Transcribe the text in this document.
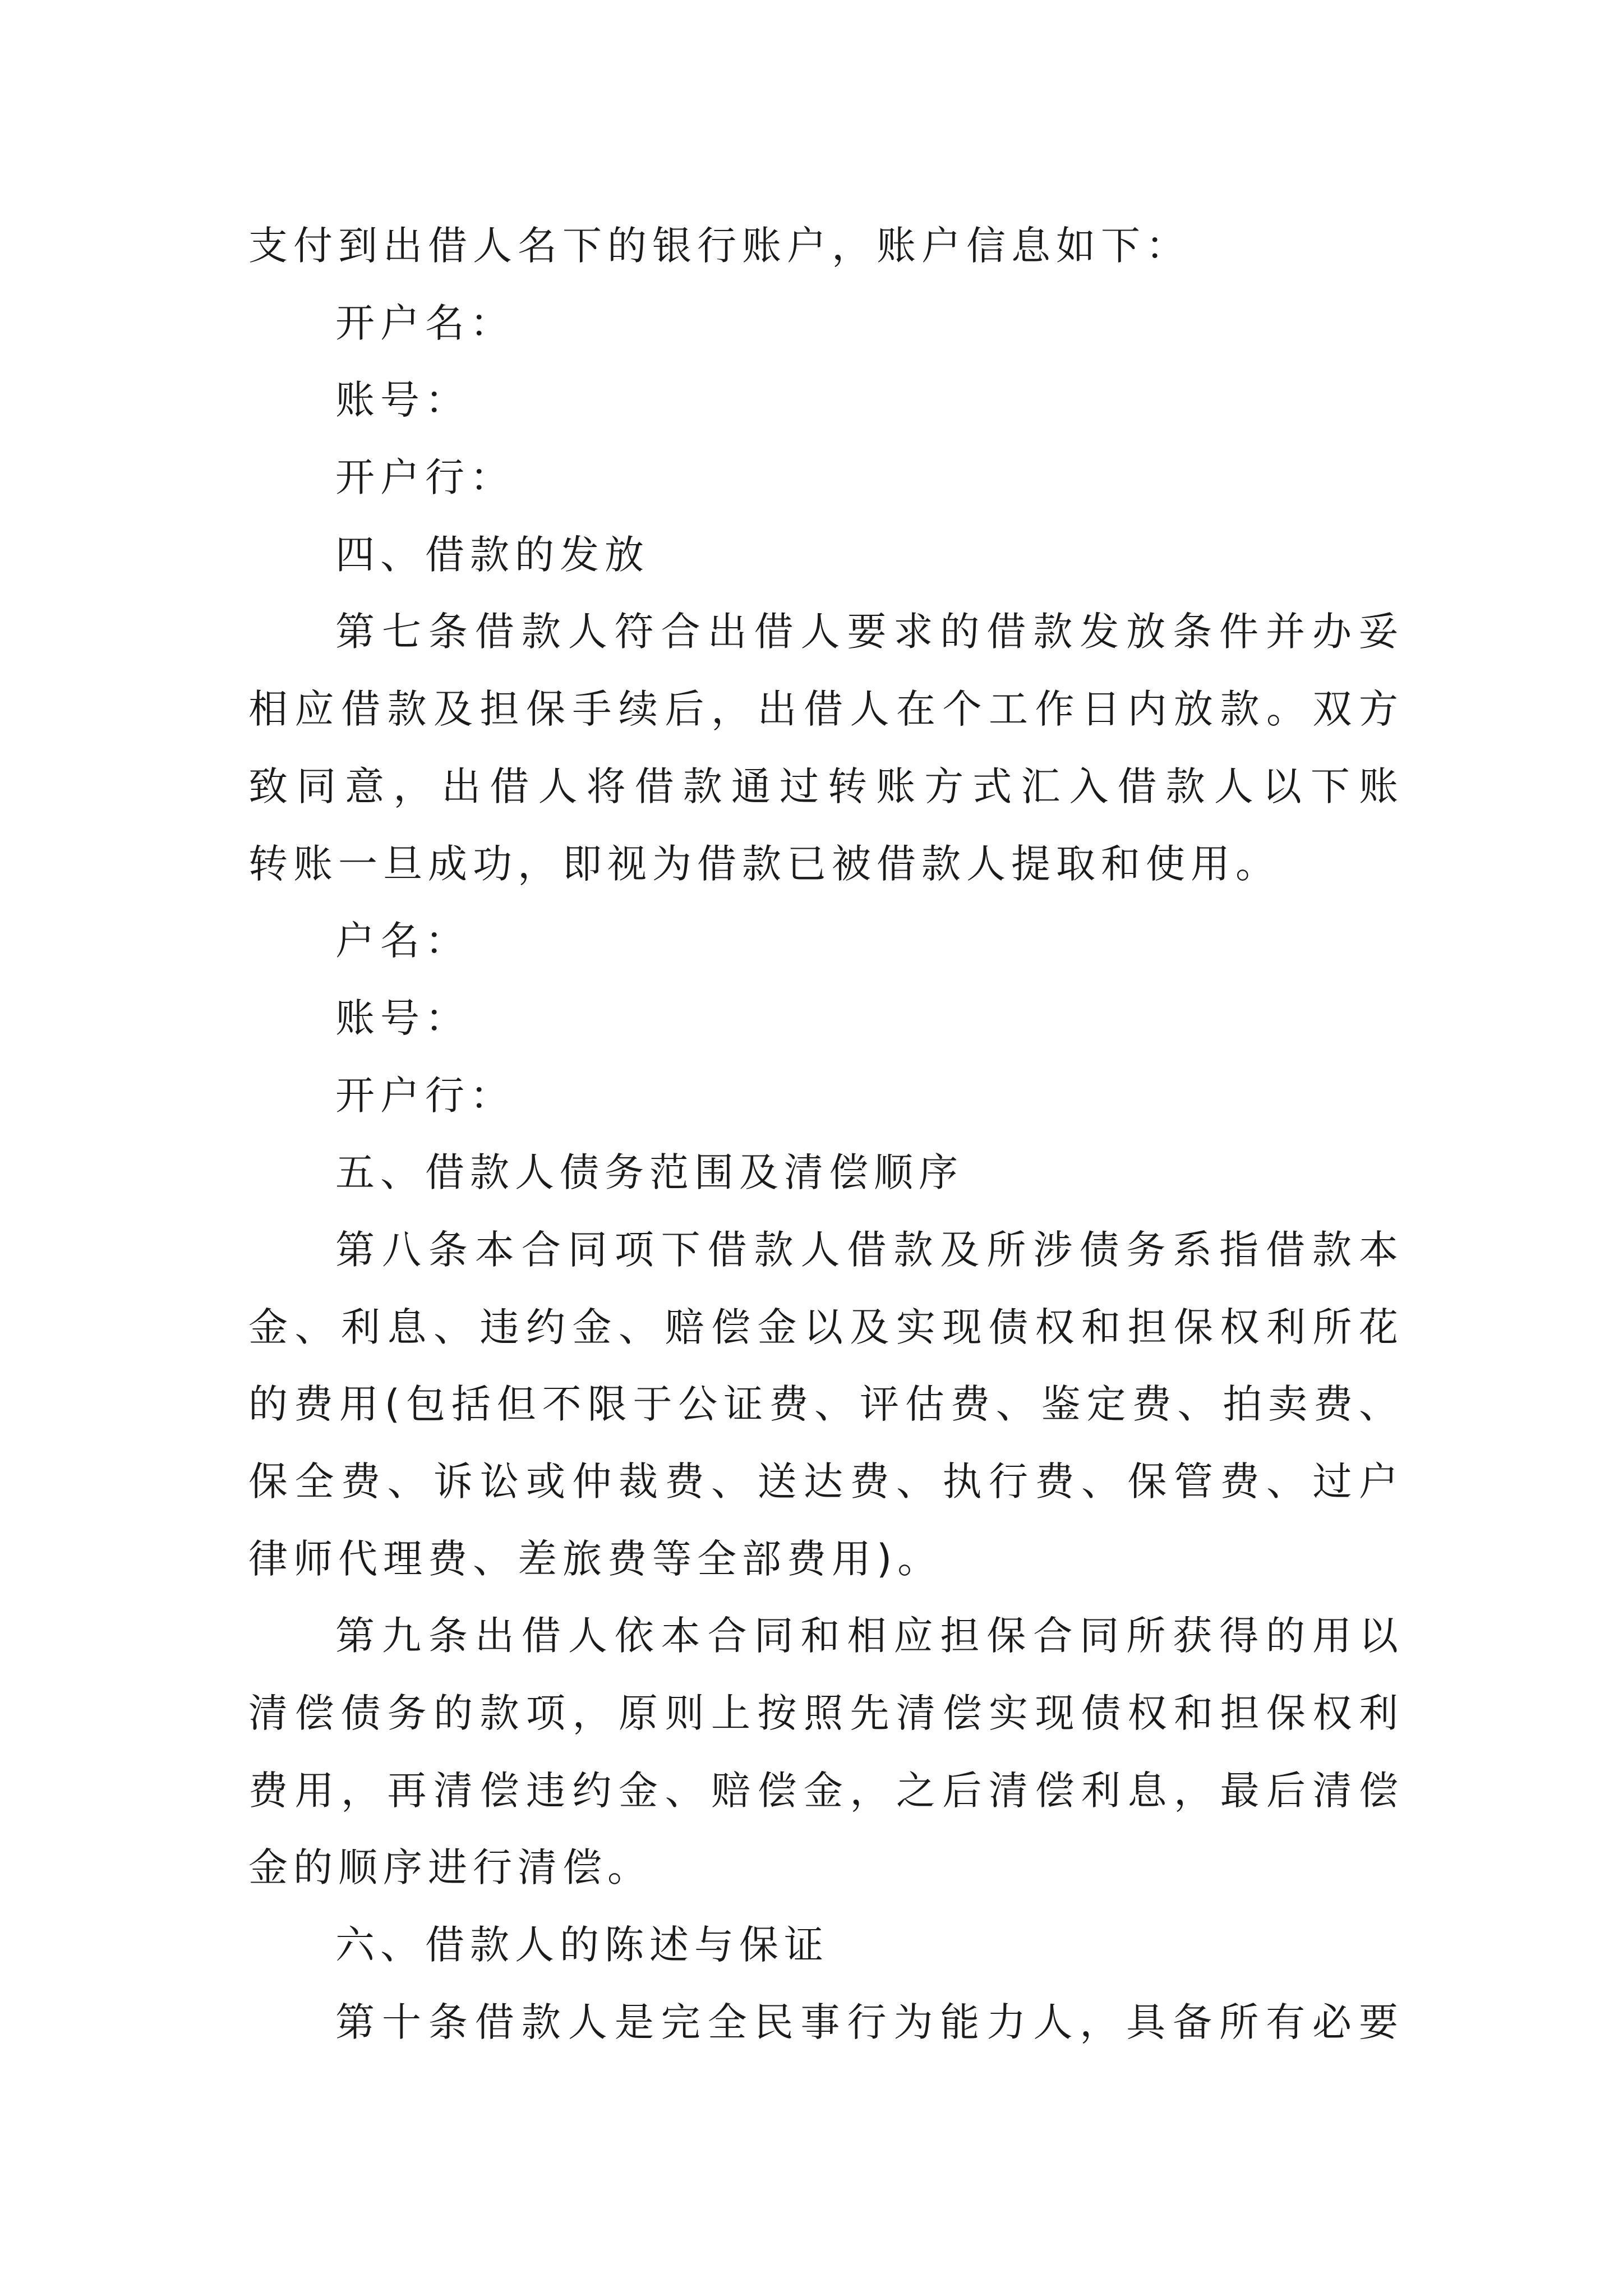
支付到出借人名下的银行账户，账户信息如下：
开户名：
账号：
开户行：
四、借款的发放
第七条借款人符合出借人要求的借款发放条件并办妥
相应借款及担保手续后，出借人在个工作日内放款。双方
致同意，出借人将借款通过转账方式汇入借款人以下账
转账一旦成功，即视为借款已被借款人提取和使用。
户名：
账号：
开户行：
五、借款人债务范围及清偿顺序
第八条本合同项下借款人借款及所涉债务系指借款本
金、利息、违约金、赔偿金以及实现债权和担保权利所花
的费用(包括但不限于公证费、评估费、鉴定费、拍卖费、
保全费、诉讼或仲裁费、送达费、执行费、保管费、过户
律师代理费、差旅费等全部费用)。
第九条出借人依本合同和相应担保合同所获得的用以
清偿债务的款项，原则上按照先清偿实现债权和担保权利
费用，再清偿违约金、赔偿金，之后清偿利息，最后清偿
金的顺序进行清偿。
六、借款人的陈述与保证
第十条借款人是完全民事行为能力人，具备所有必要
